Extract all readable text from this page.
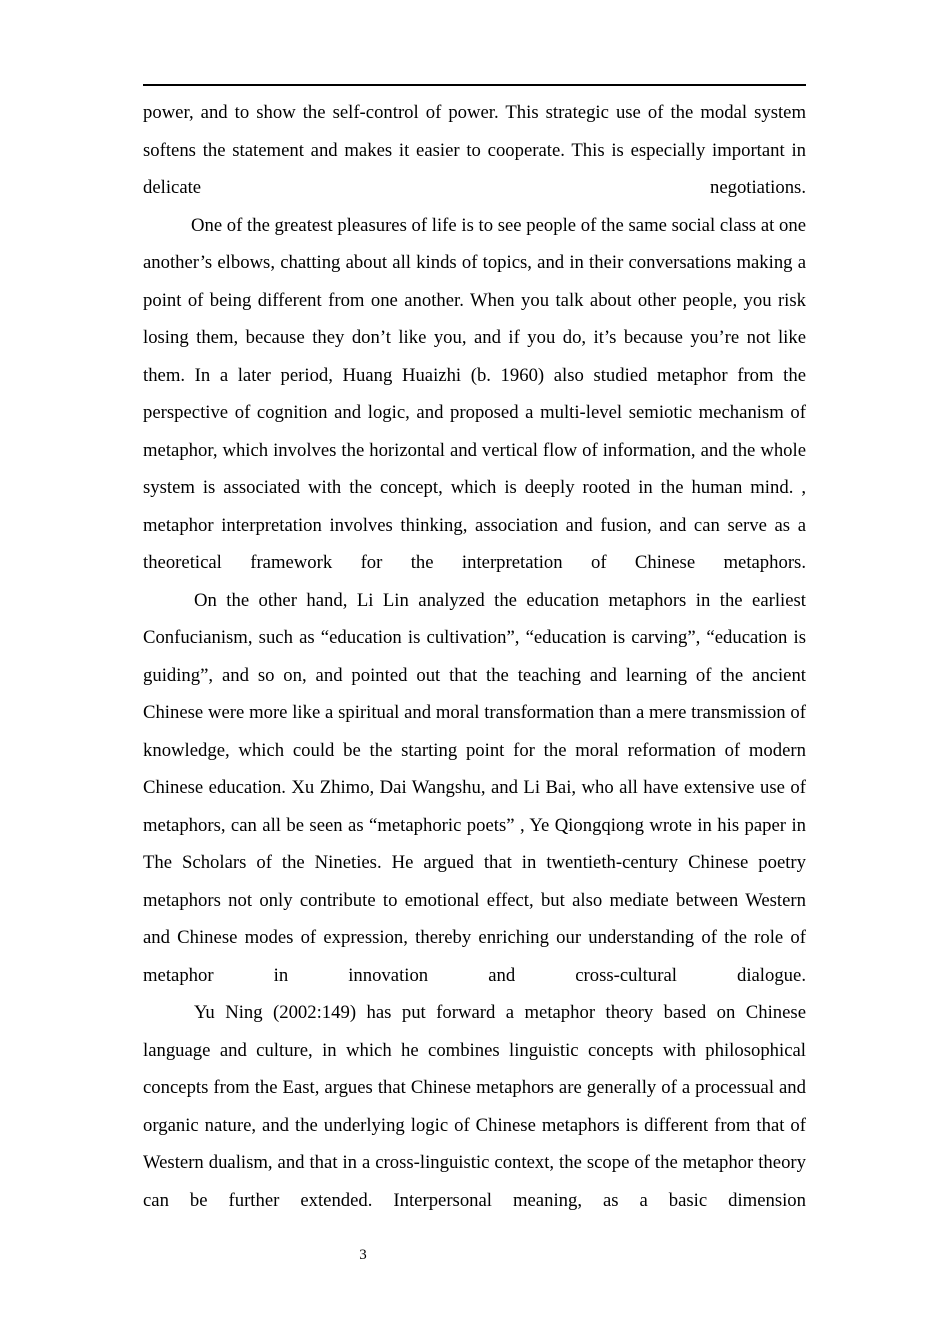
power, and to show the self-control of power. This strategic use of the modal system softens the statement and makes it easier to cooperate. This is especially important in delicate negotiations.

One of the greatest pleasures of life is to see people of the same social class at one another’s elbows, chatting about all kinds of topics, and in their conversations making a point of being different from one another. When you talk about other people, you risk losing them, because they don’t like you, and if you do, it’s because you’re not like them. In a later period, Huang Huaizhi (b. 1960) also studied metaphor from the perspective of cognition and logic, and proposed a multi-level semiotic mechanism of metaphor, which involves the horizontal and vertical flow of information, and the whole system is associated with the concept, which is deeply rooted in the human mind. , metaphor interpretation involves thinking, association and fusion, and can serve as a theoretical framework for the interpretation of Chinese metaphors.

On the other hand, Li Lin analyzed the education metaphors in the earliest Confucianism, such as “education is cultivation”, “education is carving”, “education is guiding”, and so on, and pointed out that the teaching and learning of the ancient Chinese were more like a spiritual and moral transformation than a mere transmission of knowledge, which could be the starting point for the moral reformation of modern Chinese education. Xu Zhimo, Dai Wangshu, and Li Bai, who all have extensive use of metaphors, can all be seen as “metaphoric poets” , Ye Qiongqiong wrote in his paper in The Scholars of the Nineties. He argued that in twentieth-century Chinese poetry metaphors not only contribute to emotional effect, but also mediate between Western and Chinese modes of expression, thereby enriching our understanding of the role of metaphor in innovation and cross-cultural dialogue.

Yu Ning (2002:149) has put forward a metaphor theory based on Chinese language and culture, in which he combines linguistic concepts with philosophical concepts from the East, argues that Chinese metaphors are generally of a processual and organic nature, and the underlying logic of Chinese metaphors is different from that of Western dualism, and that in a cross-linguistic context, the scope of the metaphor theory can be further extended. Interpersonal meaning, as a basic dimension

3
